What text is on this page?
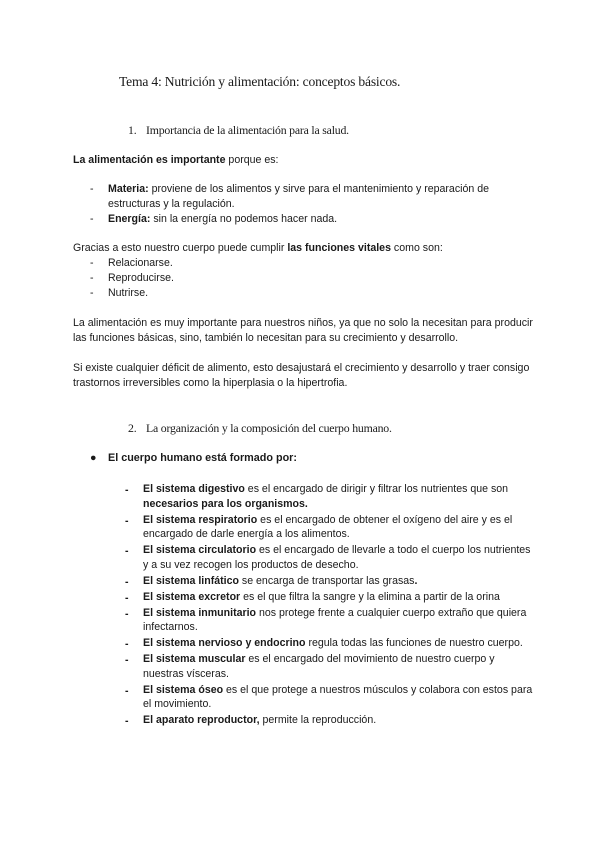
Tema 4: Nutrición y alimentación: conceptos básicos.
1. Importancia de la alimentación para la salud.
La alimentación es importante porque es:
- Materia: proviene de los alimentos y sirve para el mantenimiento y reparación de estructuras y la regulación.
- Energía: sin la energía no podemos hacer nada.
Gracias a esto nuestro cuerpo puede cumplir las funciones vitales como son:
- Relacionarse.
- Reproducirse.
- Nutrirse.
La alimentación es muy importante para nuestros niños, ya que no solo la necesitan para producir las funciones básicas, sino, también lo necesitan para su crecimiento y desarrollo.
Si existe cualquier déficit de alimento, esto desajustará el crecimiento y desarrollo y traer consigo trastornos irreversibles como la hiperplasia o la hipertrofia.
2. La organización y la composición del cuerpo humano.
● El cuerpo humano está formado por:
- El sistema digestivo es el encargado de dirigir y filtrar los nutrientes que son necesarios para los organismos.
- El sistema respiratorio es el encargado de obtener el oxígeno del aire y es el encargado de darle energía a los alimentos.
- El sistema circulatorio es el encargado de llevarle a todo el cuerpo los nutrientes y a su vez recogen los productos de desecho.
- El sistema linfático se encarga de transportar las grasas.
- El sistema excretor es el que filtra la sangre y la elimina a partir de la orina
- El sistema inmunitario nos protege frente a cualquier cuerpo extraño que quiera infectarnos.
- El sistema nervioso y endocrino regula todas las funciones de nuestro cuerpo.
- El sistema muscular es el encargado del movimiento de nuestro cuerpo y nuestras vísceras.
- El sistema óseo es el que protege a nuestros músculos y colabora con estos para el movimiento.
- El aparato reproductor, permite la reproducción.
